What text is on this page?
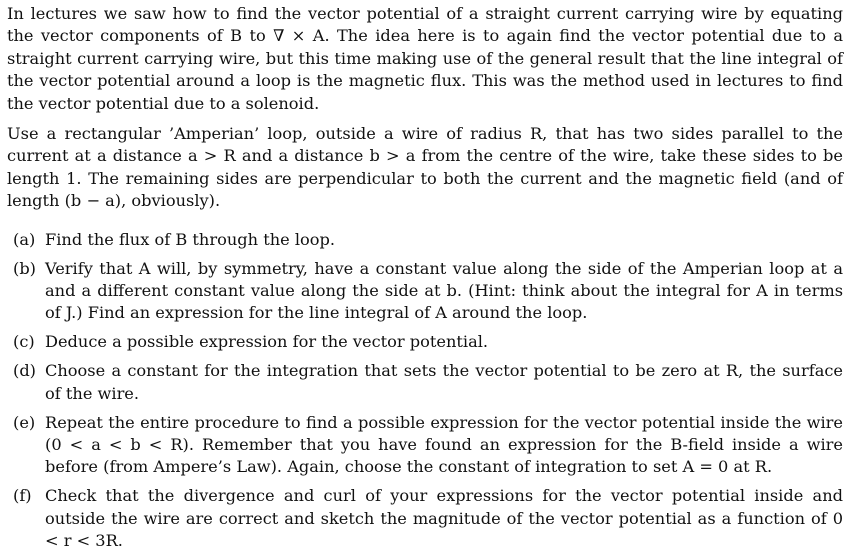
In lectures we saw how to find the vector potential of a straight current carrying wire by equating the vector components of B to ∇ × A. The idea here is to again find the vector potential due to a straight current carrying wire, but this time making use of the general result that the line integral of the vector potential around a loop is the magnetic flux. This was the method used in lectures to find the vector potential due to a solenoid.

Use a rectangular ’Amperian’ loop, outside a wire of radius R, that has two sides parallel to the current at a distance a > R and a distance b > a from the centre of the wire, take these sides to be length 1. The remaining sides are perpendicular to both the current and the magnetic field (and of length (b − a), obviously).

(a) Find the flux of B through the loop.
(b) Verify that A will, by symmetry, have a constant value along the side of the Amperian loop at a and a different constant value along the side at b. (Hint: think about the integral for A in terms of J.) Find an expression for the line integral of A around the loop.
(c) Deduce a possible expression for the vector potential.
(d) Choose a constant for the integration that sets the vector potential to be zero at R, the surface of the wire.
(e) Repeat the entire procedure to find a possible expression for the vector potential inside the wire (0 < a < b < R). Remember that you have found an expression for the B-field inside a wire before (from Ampere’s Law). Again, choose the constant of integration to set A = 0 at R.
(f) Check that the divergence and curl of your expressions for the vector potential inside and outside the wire are correct and sketch the magnitude of the vector potential as a function of 0 < r < 3R.
